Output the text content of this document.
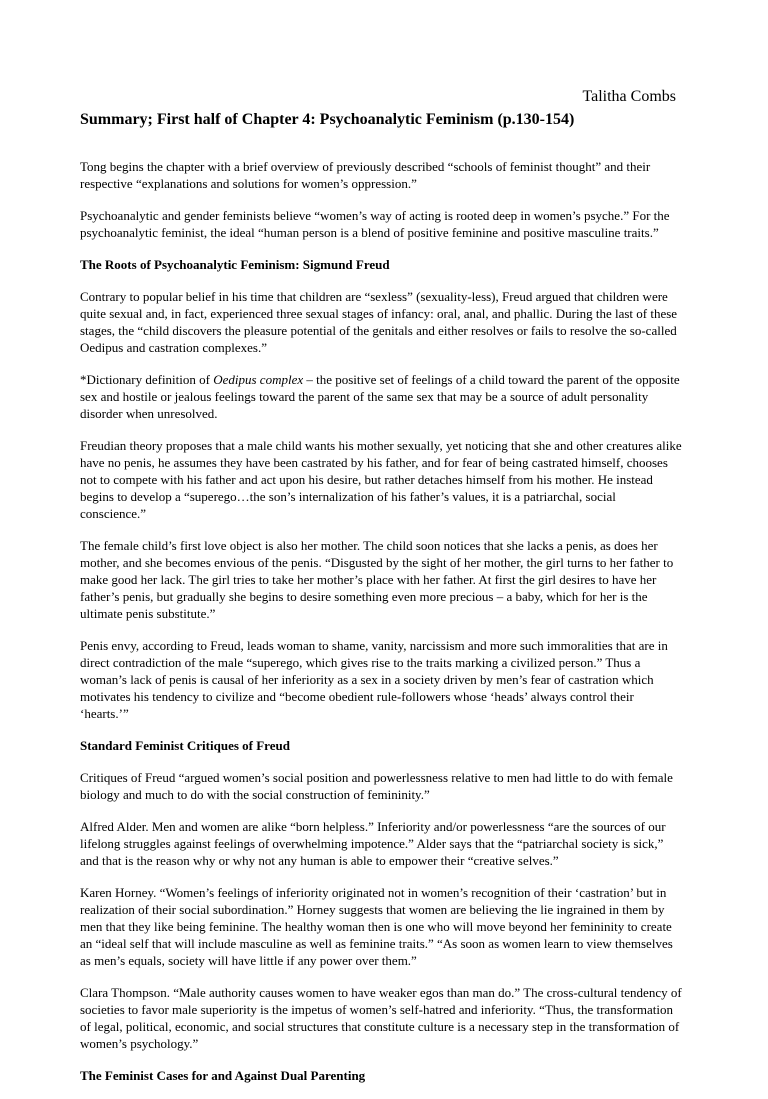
Talitha Combs

Summary; First half of Chapter 4: Psychoanalytic Feminism (p.130-154)

Tong begins the chapter with a brief overview of previously described “schools of feminist thought” and their respective “explanations and solutions for women’s oppression.”

Psychoanalytic and gender feminists believe “women’s way of acting is rooted deep in women’s psyche.” For the psychoanalytic feminist, the ideal “human person is a blend of positive feminine and positive masculine traits.”

The Roots of Psychoanalytic Feminism: Sigmund Freud

Contrary to popular belief in his time that children are “sexless” (sexuality-less), Freud argued that children were quite sexual and, in fact, experienced three sexual stages of infancy: oral, anal, and phallic. During the last of these stages, the “child discovers the pleasure potential of the genitals and either resolves or fails to resolve the so-called Oedipus and castration complexes.”

*Dictionary definition of Oedipus complex – the positive set of feelings of a child toward the parent of the opposite sex and hostile or jealous feelings toward the parent of the same sex that may be a source of adult personality disorder when unresolved.

Freudian theory proposes that a male child wants his mother sexually, yet noticing that she and other creatures alike have no penis, he assumes they have been castrated by his father, and for fear of being castrated himself, chooses not to compete with his father and act upon his desire, but rather detaches himself from his mother. He instead begins to develop a “superego…the son’s internalization of his father’s values, it is a patriarchal, social conscience.”

The female child’s first love object is also her mother. The child soon notices that she lacks a penis, as does her mother, and she becomes envious of the penis. “Disgusted by the sight of her mother, the girl turns to her father to make good her lack. The girl tries to take her mother’s place with her father. At first the girl desires to have her father’s penis, but gradually she begins to desire something even more precious – a baby, which for her is the ultimate penis substitute.”

Penis envy, according to Freud, leads woman to shame, vanity, narcissism and more such immoralities that are in direct contradiction of the male “superego, which gives rise to the traits marking a civilized person.” Thus a woman’s lack of penis is causal of her inferiority as a sex in a society driven by men’s fear of castration which motivates his tendency to civilize and “become obedient rule-followers whose ‘heads’ always control their ‘hearts.’”

Standard Feminist Critiques of Freud

Critiques of Freud “argued women’s social position and powerlessness relative to men had little to do with female biology and much to do with the social construction of femininity.”

Alfred Alder. Men and women are alike “born helpless.” Inferiority and/or powerlessness “are the sources of our lifelong struggles against feelings of overwhelming impotence.” Alder says that the “patriarchal society is sick,” and that is the reason why or why not any human is able to empower their “creative selves.”

Karen Horney. “Women’s feelings of inferiority originated not in women’s recognition of their ‘castration’ but in realization of their social subordination.” Horney suggests that women are believing the lie ingrained in them by men that they like being feminine. The healthy woman then is one who will move beyond her femininity to create an “ideal self that will include masculine as well as feminine traits.” “As soon as women learn to view themselves as men’s equals, society will have little if any power over them.”

Clara Thompson. “Male authority causes women to have weaker egos than man do.” The cross-cultural tendency of societies to favor male superiority is the impetus of women’s self-hatred and inferiority. “Thus, the transformation of legal, political, economic, and social structures that constitute culture is a necessary step in the transformation of women’s psychology.”

The Feminist Cases for and Against Dual Parenting
